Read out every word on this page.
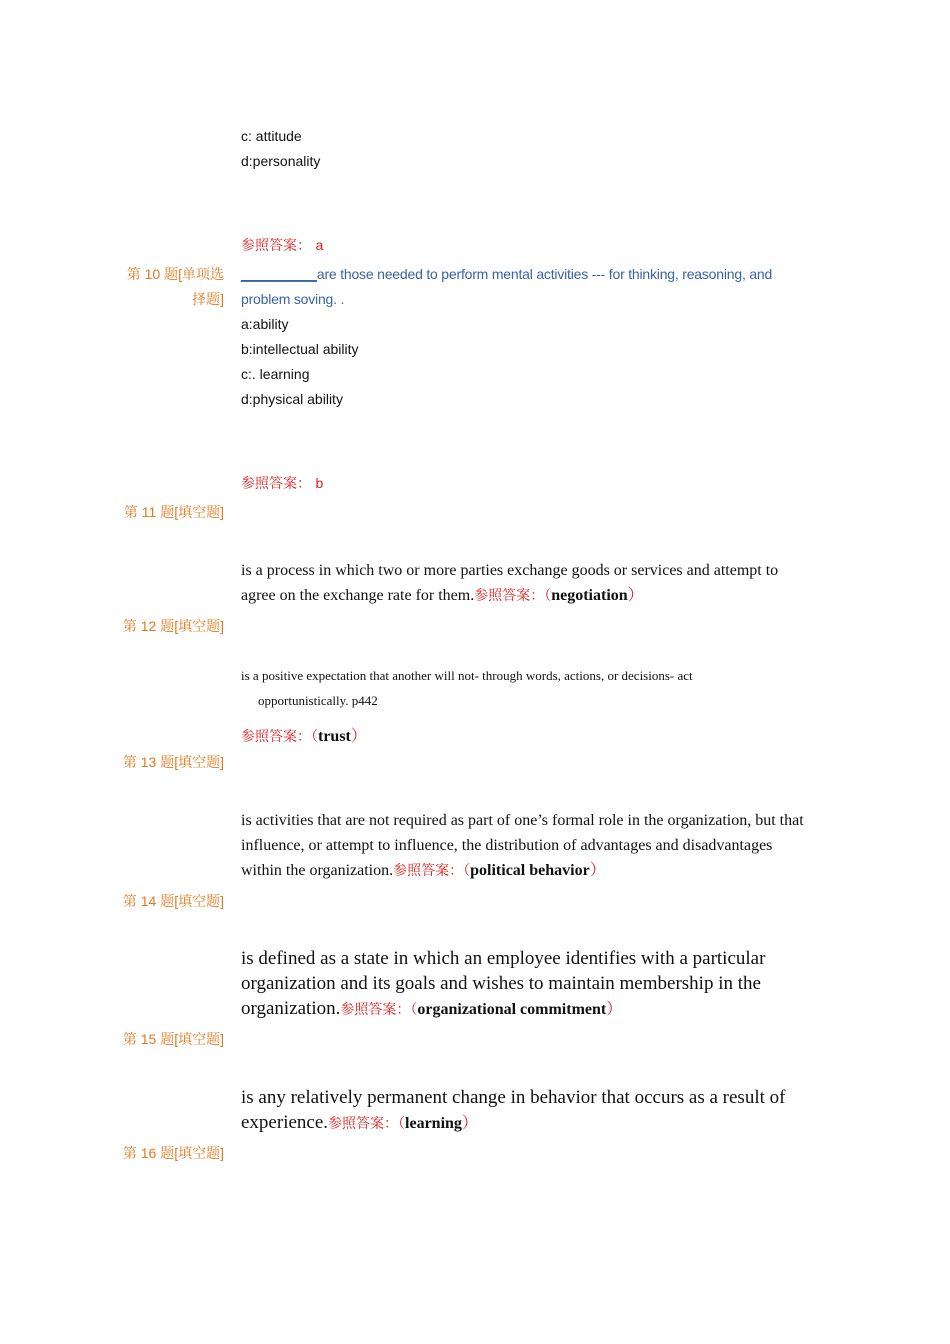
c: attitude
d:personality
参照答案： a
第 10 题[单项选择题]
__________are those needed to perform mental activities --- for thinking, reasoning, and problem soving. .
a:ability
b:intellectual ability
c:. learning
d:physical ability
参照答案： b
第 11 题[填空题]
is a process in which two or more parties exchange goods or services and attempt to agree on the exchange rate for them.参照答案：（negotiation）
第 12 题[填空题]
is a positive expectation that another will not- through words, actions, or decisions- act
opportunistically. p442
参照答案：（trust）
第 13 题[填空题]
is activities that are not required as part of one’s formal role in the organization, but that influence, or attempt to influence, the distribution of advantages and disadvantages within the organization.参照答案：（political behavior）
第 14 题[填空题]
is defined as a state in which an employee identifies with a particular organization and its goals and wishes to maintain membership in the organization.参照答案：（organizational commitment）
第 15 题[填空题]
is any relatively permanent change in behavior that occurs as a result of experience.参照答案：（learning）
第 16 题[填空题]
